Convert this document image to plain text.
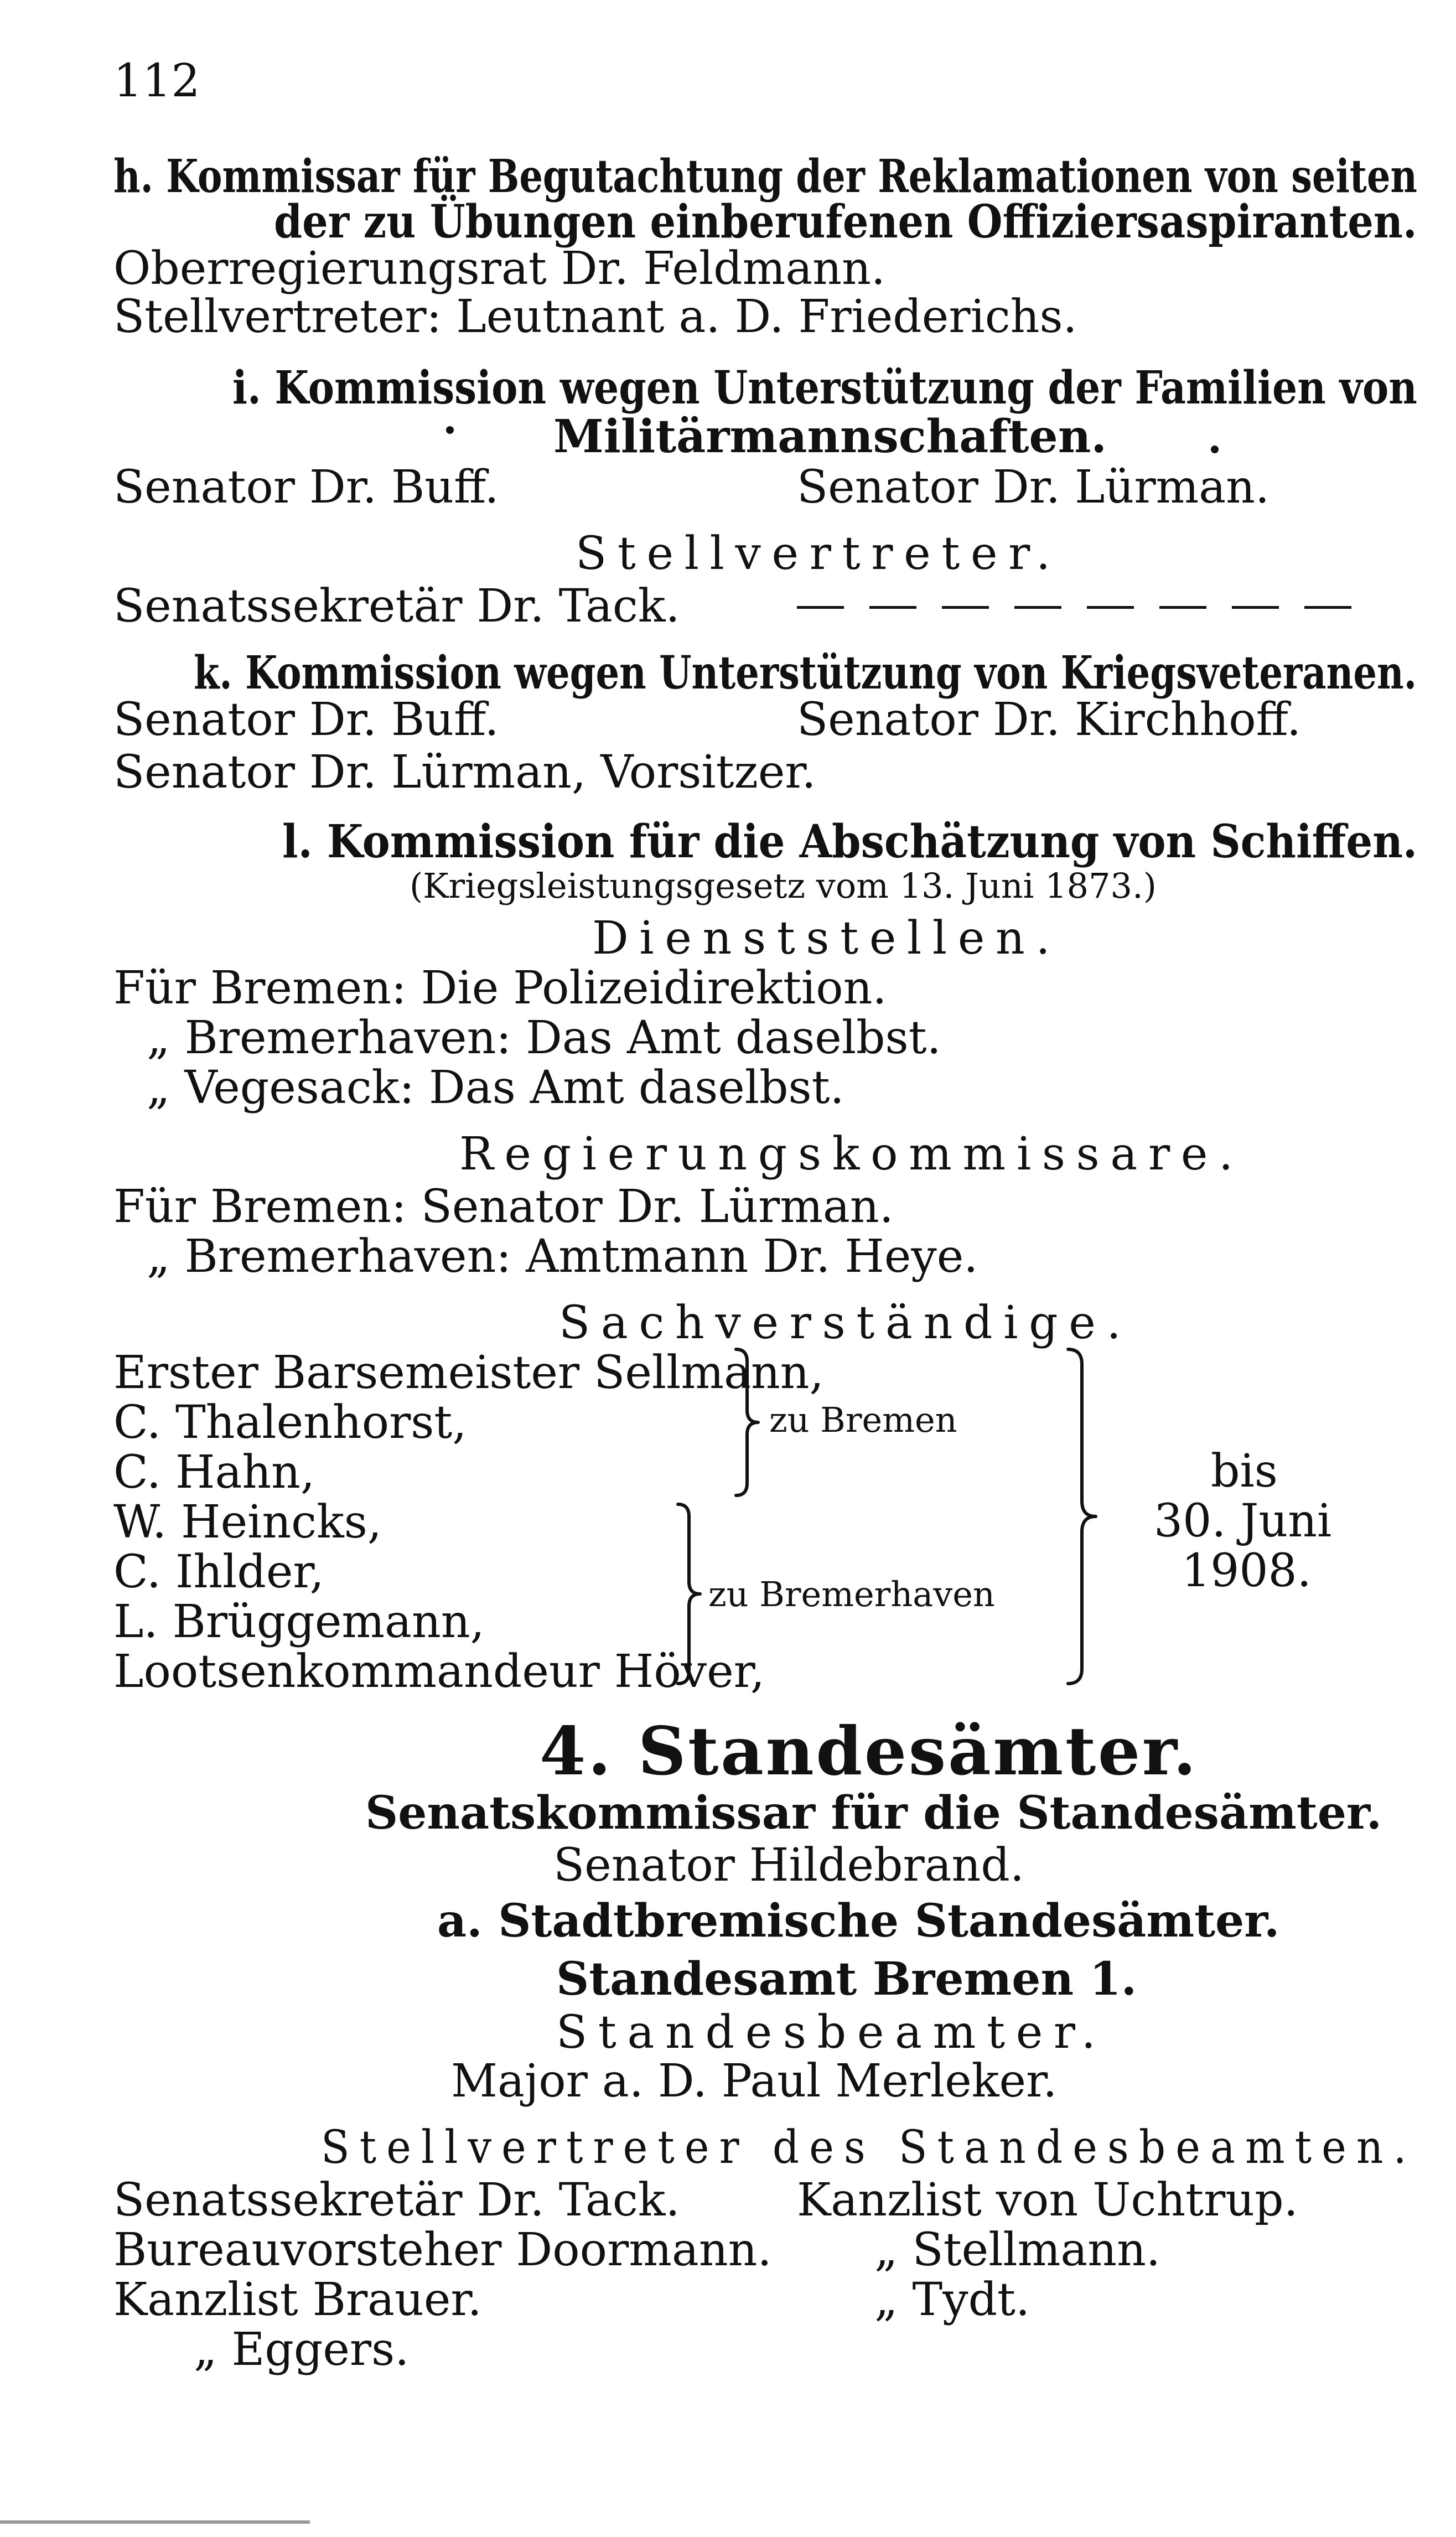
112
h. Kommissar für Begutachtung der Reklamationen von seiten
der zu Übungen einberufenen Offiziersaspiranten.
Oberregierungsrat Dr. Feldmann.
Stellvertreter: Leutnant a. D. Friederichs.
i. Kommission wegen Unterstützung der Familien von
Militärmannschaften.
Senator Dr. Buff.	Senator Dr. Lürman.
Stellvertreter.
Senatssekretär Dr. Tack.
k. Kommission wegen Unterstützung von Kriegsveteranen.
Senator Dr. Buff.	Senator Dr. Kirchhoff.
Senator Dr. Lürman, Vorsitzer.
l. Kommission für die Abschätzung von Schiffen.
(Kriegsleistungsgesetz vom 13. Juni 1873.)
Dienststellen.
Für Bremen: Die Polizeidirektion.
„ Bremerhaven: Das Amt daselbst.
„ Vegesack: Das Amt daselbst.
Regierungskommissare.
Für Bremen: Senator Dr. Lürman.
„ Bremerhaven: Amtmann Dr. Heye.
Sachverständige.
Erster Barsemeister Sellmann,
C. Thalenhorst,
C. Hahn,
W. Heincks,
C. Ihlder,
L. Brüggemann,
Lootsenkommandeur Höver,
zu Bremen
zu Bremerhaven
bis
30. Juni
1908.
4. Standesämter.
Senatskommissar für die Standesämter.
Senator Hildebrand.
a. Stadtbremische Standesämter.
Standesamt Bremen 1.
Standesbeamter.
Major a. D. Paul Merleker.
Stellvertreter des Standesbeamten.
Senatssekretär Dr. Tack.
Bureauvorsteher Doormann.
Kanzlist Brauer.
„ Eggers.
Kanzlist von Uchtrup.
„ Stellmann.
„ Tydt.
